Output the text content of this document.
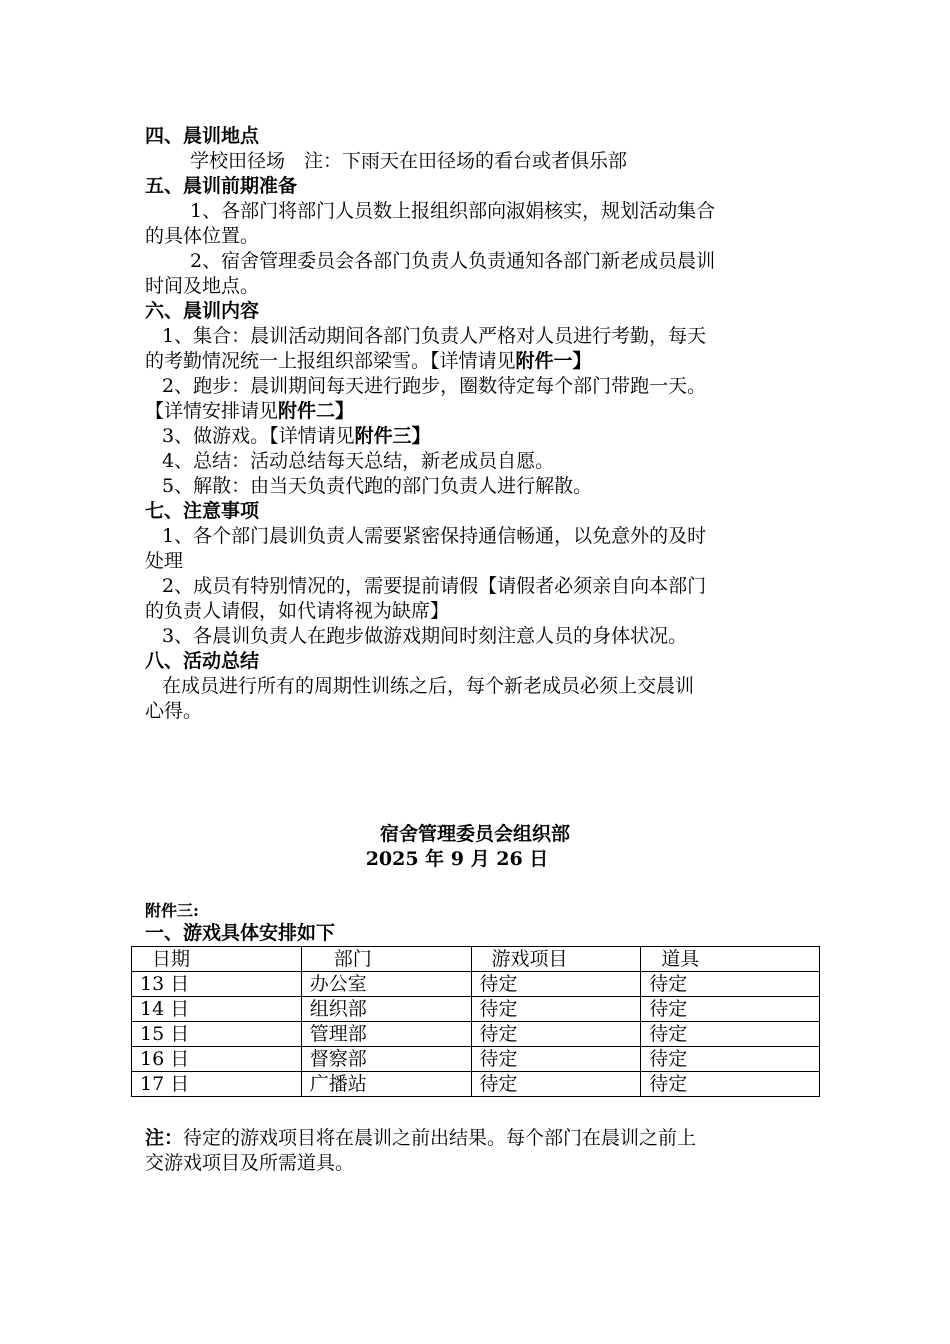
四、晨训地点
学校田径场　注：下雨天在田径场的看台或者俱乐部
五、晨训前期准备
1、各部门将部门人员数上报组织部向淑娟核实，规划活动集合
的具体位置。
2、宿舍管理委员会各部门负责人负责通知各部门新老成员晨训
时间及地点。
六、晨训内容
1、集合：晨训活动期间各部门负责人严格对人员进行考勤，每天
的考勤情况统一上报组织部梁雪。【详情请见附件一】
2、跑步：晨训期间每天进行跑步，圈数待定每个部门带跑一天。
【详情安排请见附件二】
3、做游戏。【详情请见附件三】
4、总结：活动总结每天总结，新老成员自愿。
5、解散：由当天负责代跑的部门负责人进行解散。
七、注意事项
1、各个部门晨训负责人需要紧密保持通信畅通，以免意外的及时
处理
2、成员有特别情况的，需要提前请假【请假者必须亲自向本部门
的负责人请假，如代请将视为缺席】
3、各晨训负责人在跑步做游戏期间时刻注意人员的身体状况。
八、活动总结
在成员进行所有的周期性训练之后，每个新老成员必须上交晨训
心得。
宿舍管理委员会组织部
2025 年 9 月 26 日
附件三:
一、游戏具体安排如下
日期	部门	游戏项目	道具
13 日	办公室	待定	待定
14 日	组织部	待定	待定
15 日	管理部	待定	待定
16 日	督察部	待定	待定
17 日	广播站	待定	待定
注：待定的游戏项目将在晨训之前出结果。每个部门在晨训之前上
交游戏项目及所需道具。
